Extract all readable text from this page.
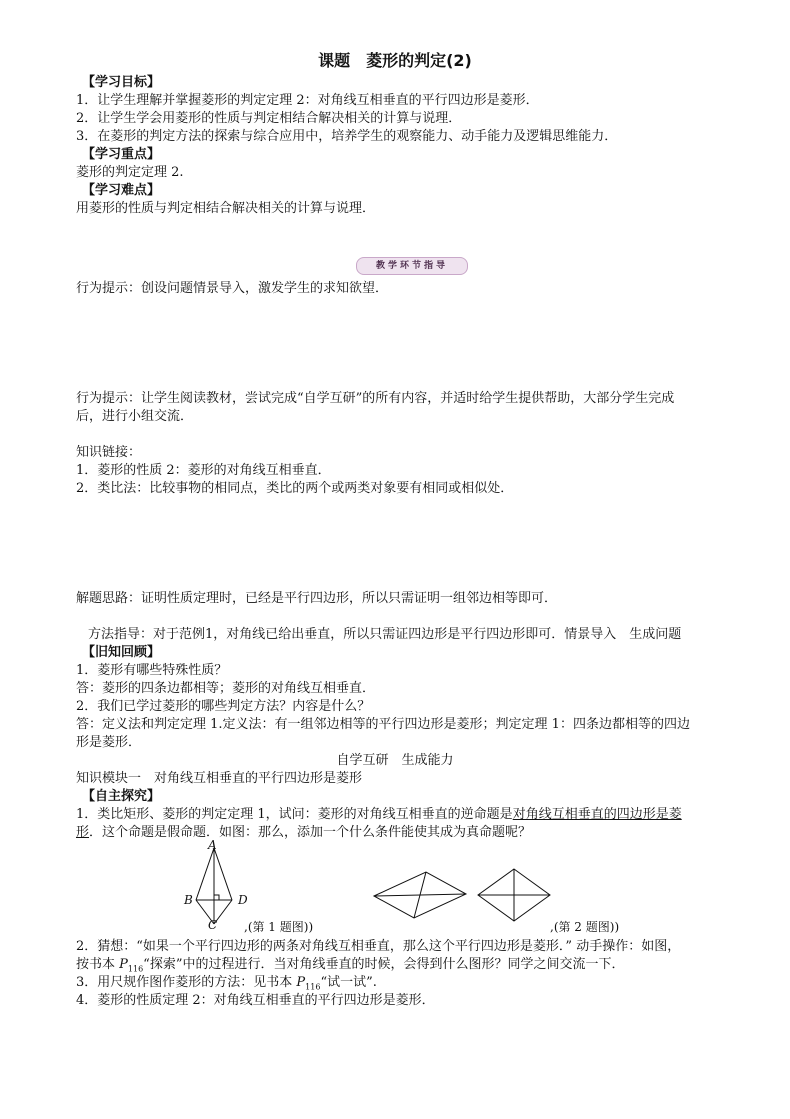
课题　菱形的判定(2)
【学习目标】
1．让学生理解并掌握菱形的判定定理 2：对角线互相垂直的平行四边形是菱形．
2．让学生学会用菱形的性质与判定相结合解决相关的计算与说理．
3．在菱形的判定方法的探索与综合应用中，培养学生的观察能力、动手能力及逻辑思维能力．
【学习重点】
菱形的判定定理 2.
【学习难点】
用菱形的性质与判定相结合解决相关的计算与说理．
教学环节指导
行为提示：创设问题情景导入，激发学生的求知欲望．
行为提示：让学生阅读教材，尝试完成“自学互研”的所有内容，并适时给学生提供帮助，大部分学生完成
后，进行小组交流．
知识链接：
1．菱形的性质 2：菱形的对角线互相垂直．
2．类比法：比较事物的相同点，类比的两个或两类对象要有相同或相似处．
解题思路：证明性质定理时，已经是平行四边形，所以只需证明一组邻边相等即可．
方法指导：对于范例1，对角线已给出垂直，所以只需证四边形是平行四边形即可．情景导入　生成问题
【旧知回顾】
1．菱形有哪些特殊性质？
答：菱形的四条边都相等；菱形的对角线互相垂直．
2．我们已学过菱形的哪些判定方法？内容是什么？
答：定义法和判定定理 1.定义法：有一组邻边相等的平行四边形是菱形；判定定理 1：四条边都相等的四边
形是菱形．
自学互研　生成能力
知识模块一　对角线互相垂直的平行四边形是菱形
【自主探究】
1．类比矩形、菱形的判定定理 1，试问：菱形的对角线互相垂直的逆命题是对角线互相垂直的四边形是菱
形．这个命题是假命题．如图：那么，添加一个什么条件能使其成为真命题呢？
A
B
C
D
,(第 1 题图))	,(第 2 题图))
2．猜想：“如果一个平行四边形的两条对角线互相垂直，那么这个平行四边形是菱形．” 动手操作：如图，
按书本 $P_{116}“$探索”中的过程进行．当对角线垂直的时候，会得到什么图形？同学之间交流一下．
3．用尺规作图作菱形的方法：见书本 $P_{116}“$试一试”.
4．菱形的性质定理 2：对角线互相垂直的平行四边形是菱形．
